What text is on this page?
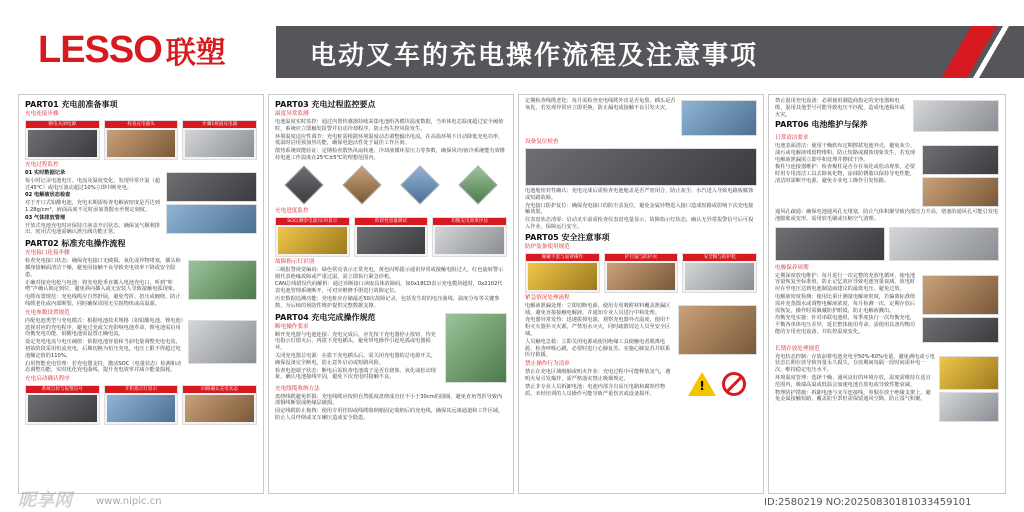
LESSO 联塑	电动叉车的充电操作流程及注意事项
PART01 充电前准备事项
充电连接步骤
断电关闭电源	检查充电插头	步骤1接通充电器
充电过程监控
01 实时数据记录
每小时记录电池电压、电流及温度变化，发现异常升温（超过45℃）或电压波动超过10%立即中断充电。
02 电解液状态检查
对于开口式铅酸电池，充电末期需检查电解液密度是否达到1.28g/cm³，液面高度不足时添加蒸馏水至规定刻度。
03 气体排放管理
开放式电池充电时应保持注液盖开启状态，确保氢气顺利排出，密闭式电池需确认泄压阀功能正常。
PART02 标准充电操作流程
充电接口连接步骤
检查充电接口状态：确保充电接口无破损、氧化或异物堵塞，插头和插座接触面清洁干燥，避免因接触不良导致充电效率下降或安全隐患。
正确对接充电枪与电池：将充电枪垂直插入电池充电口，听到“咔嗒”声确认锁定到位，避免斜向插入或无安装人导致接触电弧现象。
电缆布置规范：充电线缆应自然舒展，避免弯折、扭压或缠绕，防止线缆老化或内部断裂，同时确保周围无尖锐物体或高温源。
充电参数设置规范
匹配电池类型与充电模式：根据电池技术规格（如铅酸电池、锂电池）选择对应的充电程序，避免过充或欠充影响电池寿命，锂电池需启用均衡充电功能，铅酸电池需设置正确电流。
设定充电电流与电压阈值：依据电池容量和当前电量调整充电电流，初始阶段采用恒流充电，后期切换为恒压充电，电压上限不得超过电池额定值的110%。
启用智能充电管理：若充电器支持，激活SOC（电量状态）检测和动态调整功能，实时优化充电曲线，提升充电效率并减少能量损耗。
充电启动确认程序
系统自检与报警信号	开机指示灯显示	回路确认充电状态
PART03 充电过程监控要点
温度异常监测
电池温度实时监控：通过内置传感器持续采集电池组各模块温度数据，当单体电芯温度超过安全阈值时，系统应立即触发报警并启动冷却程序，防止热失控风险发生。
环境温度适应性调节：充电桩需根据环境温度动态调整输出电流，在高温环境下自动降低充电功率，低温时启用预加热功能，确保电池活性处于最佳工作区间。
散热系统效能验证：定期检查散热风扇转速、冷却液循环泵压力等参数，确保风冷/液冷系统能有效维持电池工作温度在25℃±5℃的理想范围内。
充电进度监控
SOC(剩余电量)实时显示	阶段性容量测试	均衡充电效果评估
故障指示灯识别
三级报警视觉编码：绿色常亮表示正常充电，黄色闪烁提示通讯异常或接触电阻过大，红色旋转警示则代表绝缘故障或严重过温，需立即执行紧急停机。
CAN总线错误代码解析：通过诊断接口读取具体故障码，如0x18CD表示充电模块超时，0x2102代表电池管理系统断开，可对应维修手册进行故障定位。
历史数据追溯功能：充电桩应存储最近50次故障记录，包括发生时的电压曲线、温度分布等关键参数，为后续的预防性维护提供完整数据支撑。
PART04 充电完成操作规范
断电操作要求
断开充电器与电池连接：充电完成后，应先按下充电器停止按钮，待充电指示灯熄灭后，再拔下充电插头，避免带电操作引起电弧或电器损坏。
关闭充电器总电源：在拔下充电插头后，需关闭充电器的总电源开关，确保设备完全断电，防止意外启动或短路风险。
检查电池端子状态：断电后需检查电池端子是否有烧蚀、氧化或松动现象，确认电池接线牢固，避免下次充电时接触不良。
充电线缆收纳方法
盘绕线缆避免折损：充电线缆应按照自然弧度盘绕成直径不小于30cm的圆圈，避免直角弯折导致内部铜线断裂或绝缘层破损。
固定线缆防止拖拽：使用专用挂钩或线缆收纳箱固定收纳后的充电线，确保其远离通道和工作区域，防止人员绊倒或叉车碾压造成安全隐患。
定期检查线缆老化：每月需检查充电线缆外皮是否龟裂、插头是否氧化，若发现异常应立即更换，防止漏电或接触不良引发火灾。
设备复位检查
电池舱密封性确认：充电完成后需检查电池舱盖是否严密闭合，防止灰尘、水汽进入导致电路板腐蚀或短路故障。
充电接口防护复位：确保充电接口的防尘盖复位，避免金属异物进入接口造成短路或影响下次充电接触效果。
仪表盘状态清零：启动叉车前需检查仪表盘电量显示，故障指示灯状态，确认无异常报警信号后可投入作业，保障运行安全。
PART05 安全注意事项
防护装备使用规范
佩戴手套与面罩操作	护目镜与防护衣	安全帽与防护鞋
紧急情况处理流程
电解液泄漏处理：立即切断电源，使用专用吸附材料覆盖泄漏区域，避免直接接触电解液，并通知专业人员进行中和处理。
充电器异常发热：迅速拔掉电源，观察充电器外壳温度，使用干粉灭火器扑灭火源，严禁用水灭火，同时疏散周边人员至安全区域。
人员触电急救：立即关闭电源或使用绝缘工具使触电者脱离电源，检查呼吸心跳，必要时进行心肺复苏，实施心肺复苏并联系医疗救援。
禁止操作行为清单
禁止在充电区域吸烟或明火作业：充电过程中可能释放氢气，遇明火易引发爆炸，需严格落实禁止吸烟规定。
禁止非专业人员拆卸电池：电池内部含有高压电路和腐蚀性物质，未经培训的人员操作可能导致严重伤害或设备损坏。
!
禁止混用充电设备：必须使用制造商指定的充电器和电缆，混用其他型号可能导致电压不匹配，造成电池损坏或火灾。
PART06 电池维护与保养
日常清洁要求
电池表面清洁：使用干燥软布定期擦拭电池外壳，避免灰尘、油污或电解液残留物堆积，防止短路或腐蚀现象发生，若发现电解液泄漏需立即中和处理并擦拭干净。
极柱与连接器维护：检查极柱是否存在氧化或松动现象，必要时用专用清洁工具去除氧化物，涂抹防锈脂以保持导电性能，清洁时需断开电源，避免专业电工操作引发短路。
通风孔疏通：确保电池通风孔无堵塞，防止气体积聚导致内部压力升高，堵塞的通风孔可能引发电池膨胀或变形，需用软毛刷或压缩空气清理。
电极保养周期
定期深度放电维护：每月进行一次完整的充放电循环，使电池容量恢复至标准值，防止记忆效应导致电池容量衰减，放电时应在至电压达到电池制造商建议的最低电压，避免过放。
电解液密度检测：使用比重计测量电解液密度，若偏离标准值需补充蒸馏水或调整电解液浓度，每月检测一次，定期存放后需恢复，操作时需佩戴防护眼镜，防止电解液溅出。
均衡充电实施：针对串联电池组，每季度执行一次均衡充电，平衡各单体电压差异，延长整体使用寿命，需使用具备均衡功能的专用充电设备，并监控温度变化。
长期存放处理规范
充电状态控制：存放前将电池充电至50%-60%电量，避免满电或亏电状态长期存放导致容量永久损失，存放期间每隔一段时间需补电一次，维持稳定电压水平。
环境温度管理：选择干燥、通风良好的环境存放，温度需维持在适宜范围内，极端高温或低温会加速电池自放电或导致性能衰减。
物理防护措施：拆卸电池与叉车连接线，单独存放于绝缘支架上，避免金属接触短路，覆盖防尘罩但需保留通风空隙，防止湿气积聚。
昵享网 www.nipic.cn	ID:2580219 NO:20250830181033459101
